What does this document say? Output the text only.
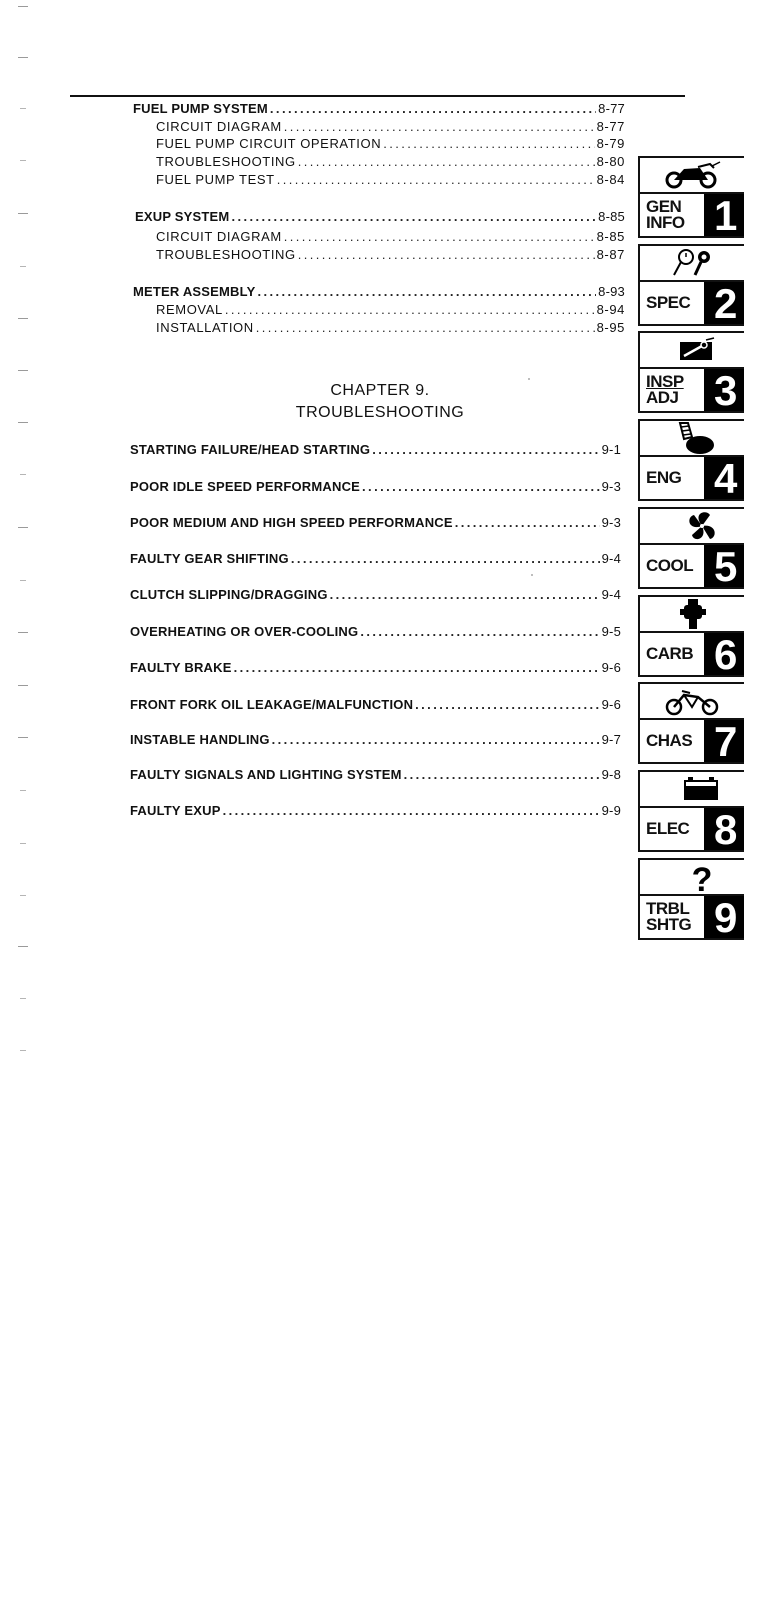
FUEL PUMP SYSTEM .....	8-77
CIRCUIT DIAGRAM .....	8-77
FUEL PUMP CIRCUIT OPERATION .....	8-79
TROUBLESHOOTING .....	8-80
FUEL PUMP TEST .....	8-84
EXUP SYSTEM .....	8-85
CIRCUIT DIAGRAM .....	8-85
TROUBLESHOOTING .....	8-87
METER ASSEMBLY .....	8-93
REMOVAL .....	8-94
INSTALLATION .....	8-95
CHAPTER 9.
TROUBLESHOOTING
STARTING FAILURE/HEAD STARTING .....	9-1
POOR IDLE SPEED PERFORMANCE .....	9-3
POOR MEDIUM AND HIGH SPEED PERFORMANCE .....	9-3
FAULTY GEAR SHIFTING .....	9-4
CLUTCH SLIPPING/DRAGGING .....	9-4
OVERHEATING OR OVER-COOLING .....	9-5
FAULTY BRAKE .....	9-6
FRONT FORK OIL LEAKAGE/MALFUNCTION .....	9-6
INSTABLE HANDLING .....	9-7
FAULTY SIGNALS AND LIGHTING SYSTEM .....	9-8
FAULTY EXUP .....	9-9
GEN
INFO 1
SPEC 2
INSP
ADJ 3
ENG 4
COOL 5
CARB 6
CHAS 7
ELEC 8
?
TRBL
SHTG 9
